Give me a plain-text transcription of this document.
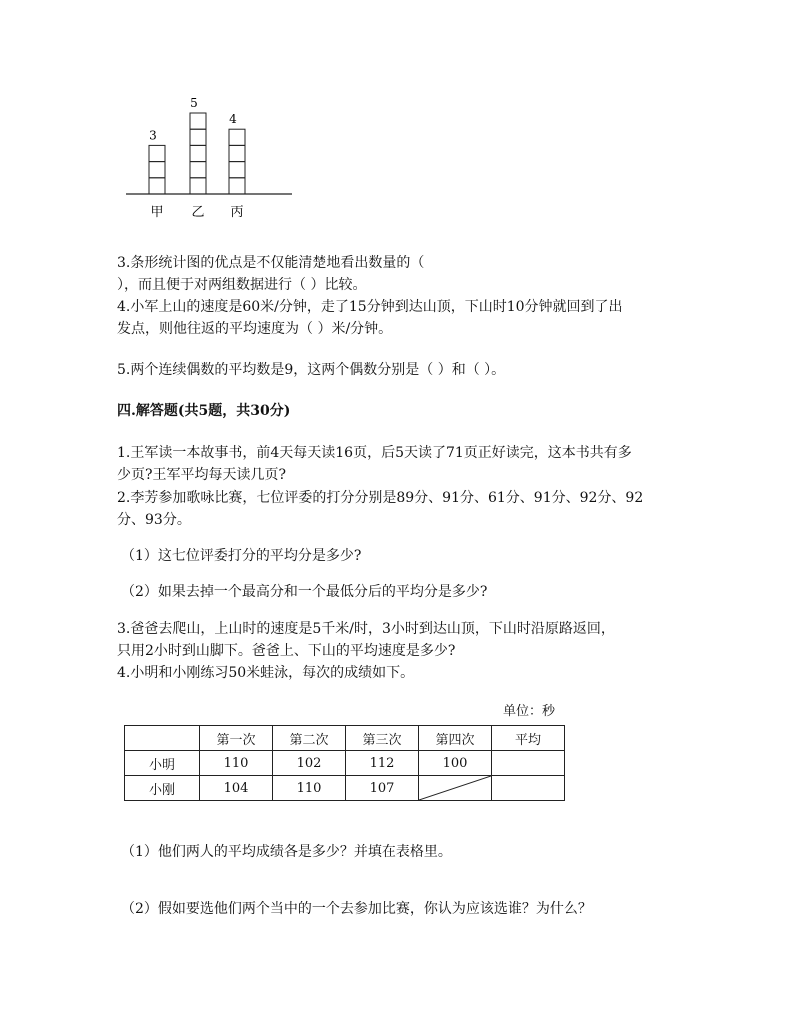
3
甲
5
乙
4
丙
3.条形统计图的优点是不仅能清楚地看出数量的（
），而且便于对两组数据进行（ ）比较。
4.小军上山的速度是60米/分钟，走了15分钟到达山顶，下山时10分钟就回到了出
发点，则他往返的平均速度为（ ）米/分钟。
5.两个连续偶数的平均数是9，这两个偶数分别是（ ）和（ ）。
四.解答题(共5题，共30分)
1.王军读一本故事书，前4天每天读16页，后5天读了71页正好读完，这本书共有多
少页?王军平均每天读几页?
2.李芳参加歌咏比赛，七位评委的打分分别是89分、91分、61分、91分、92分、92
分、93分。
（1）这七位评委打分的平均分是多少?
（2）如果去掉一个最高分和一个最低分后的平均分是多少?
3.爸爸去爬山，上山时的速度是5千米/时，3小时到达山顶，下山时沿原路返回，
只用2小时到山脚下。爸爸上、下山的平均速度是多少?
4.小明和小刚练习50米蛙泳，每次的成绩如下。
单位：秒
	第一次	第二次	第三次	第四次	平均
小明	110	102	112	100	
小刚	104	110	107	

（1）他们两人的平均成绩各是多少？并填在表格里。
（2）假如要选他们两个当中的一个去参加比赛，你认为应该选谁？为什么？
